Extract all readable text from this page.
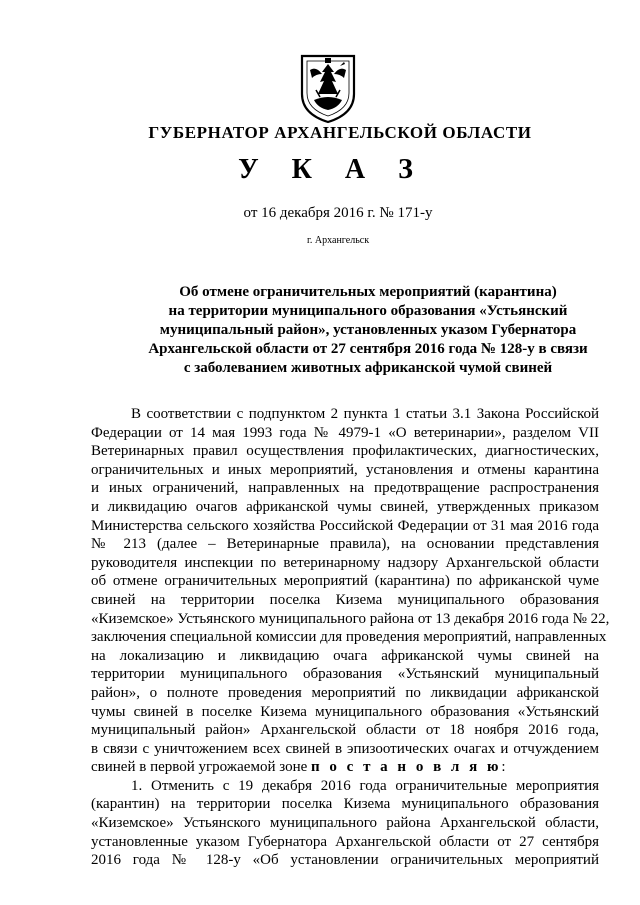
ГУБЕРНАТОР АРХАНГЕЛЬСКОЙ ОБЛАСТИ
У К А З
от 16 декабря 2016 г. № 171-у
г. Архангельск
Об отмене ограничительных мероприятий (карантина)
на территории муниципального образования «Устьянский
муниципальный район», установленных указом Губернатора
Архангельской области от 27 сентября 2016 года № 128-у в связи
с заболеванием животных африканской чумой свиней
В соответствии с подпунктом 2 пункта 1 статьи 3.1 Закона Российской
Федерации от 14 мая 1993 года № 4979-1 «О ветеринарии», разделом VII
Ветеринарных правил осуществления профилактических, диагностических,
ограничительных и иных мероприятий, установления и отмены карантина
и иных ограничений, направленных на предотвращение распространения
и ликвидацию очагов африканской чумы свиней, утвержденных приказом
Министерства сельского хозяйства Российской Федерации от 31 мая 2016 года
№ 213 (далее – Ветеринарные правила), на основании представления
руководителя инспекции по ветеринарному надзору Архангельской области
об отмене ограничительных мероприятий (карантина) по африканской чуме
свиней на территории поселка Кизема муниципального образования
«Киземское» Устьянского муниципального района от 13 декабря 2016 года № 22,
заключения специальной комиссии для проведения мероприятий, направленных
на локализацию и ликвидацию очага африканской чумы свиней на
территории муниципального образования «Устьянский муниципальный
район», о полноте проведения мероприятий по ликвидации африканской
чумы свиней в поселке Кизема муниципального образования «Устьянский
муниципальный район» Архангельской области от 18 ноября 2016 года,
в связи с уничтожением всех свиней в эпизоотических очагах и отчуждением
свиней в первой угрожаемой зоне п о с т а н о в л я ю:
1. Отменить с 19 декабря 2016 года ограничительные мероприятия
(карантин) на территории поселка Кизема муниципального образования
«Киземское» Устьянского муниципального района Архангельской области,
установленные указом Губернатора Архангельской области от 27 сентября
2016 года № 128-у «Об установлении ограничительных мероприятий
